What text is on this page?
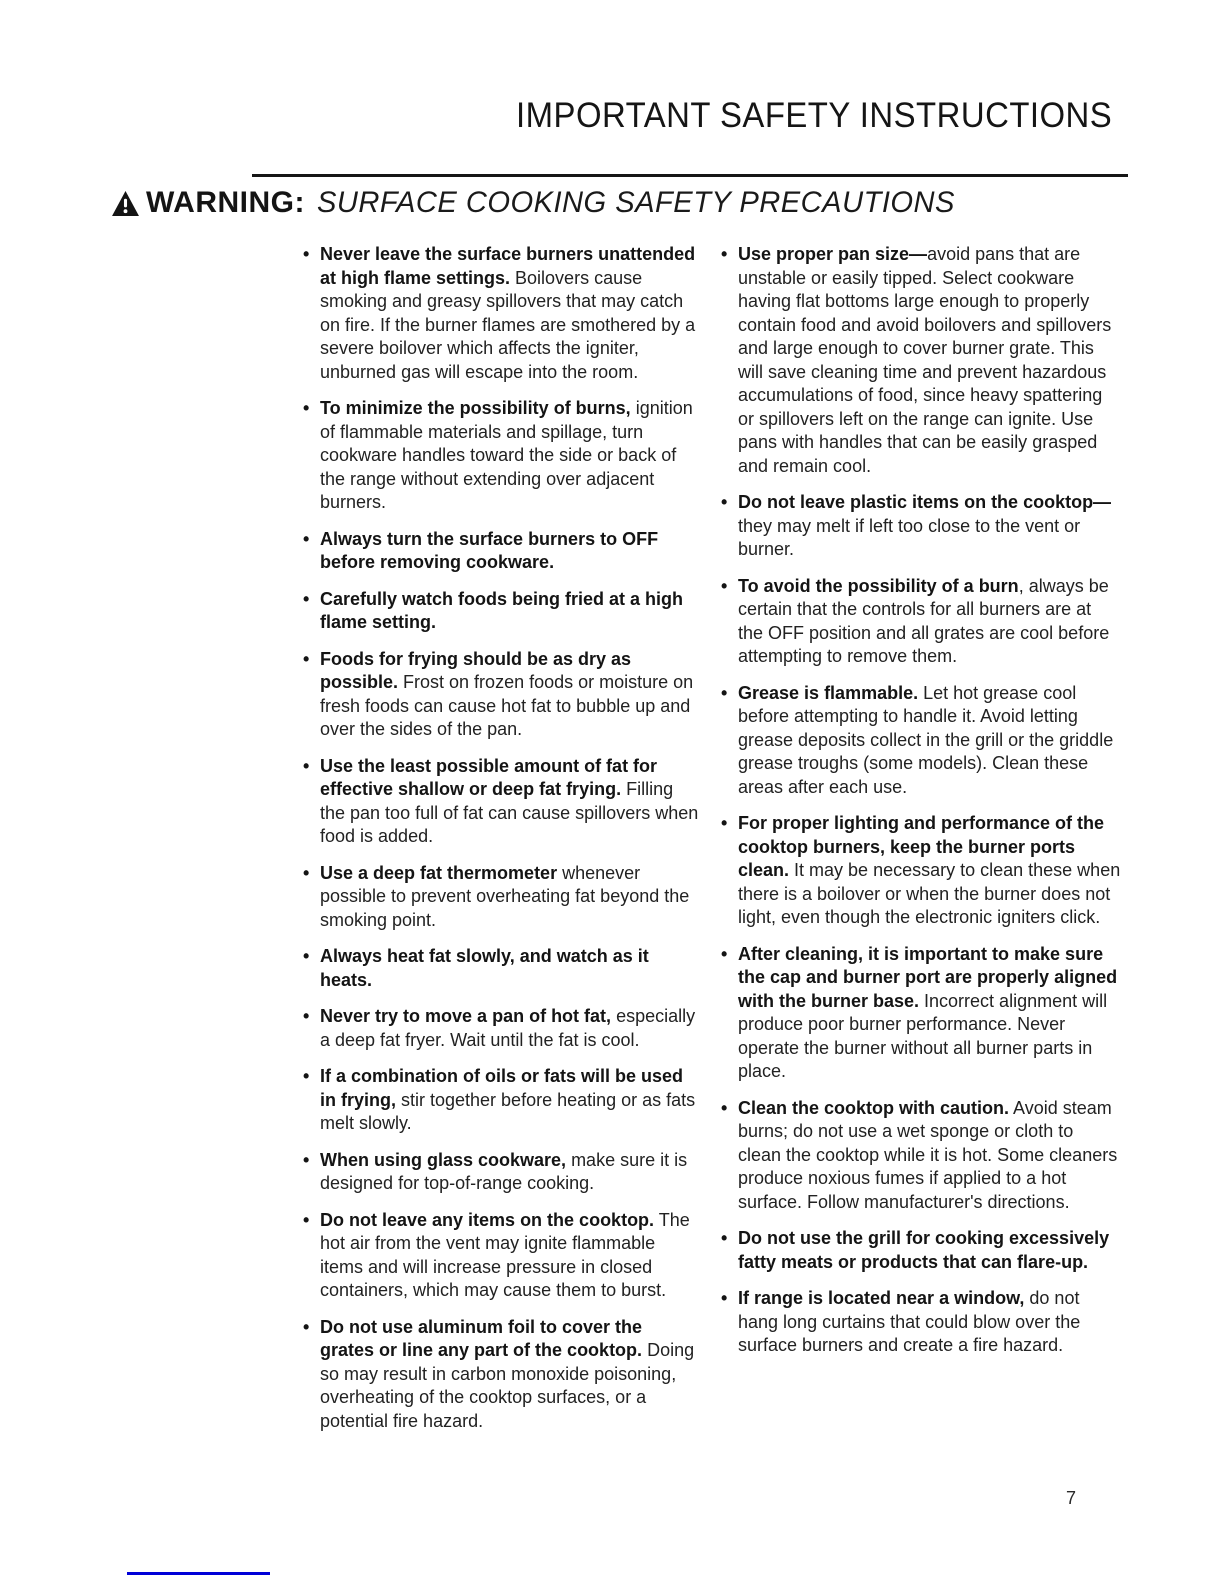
IMPORTANT SAFETY INSTRUCTIONS
WARNING: SURFACE COOKING SAFETY PRECAUTIONS
• Never leave the surface burners unattended at high flame settings. Boilovers cause smoking and greasy spillovers that may catch on fire. If the burner flames are smothered by a severe boilover which affects the igniter, unburned gas will escape into the room.
• To minimize the possibility of burns, ignition of flammable materials and spillage, turn cookware handles toward the side or back of the range without extending over adjacent burners.
• Always turn the surface burners to OFF before removing cookware.
• Carefully watch foods being fried at a high flame setting.
• Foods for frying should be as dry as possible. Frost on frozen foods or moisture on fresh foods can cause hot fat to bubble up and over the sides of the pan.
• Use the least possible amount of fat for effective shallow or deep fat frying. Filling the pan too full of fat can cause spillovers when food is added.
• Use a deep fat thermometer whenever possible to prevent overheating fat beyond the smoking point.
• Always heat fat slowly, and watch as it heats.
• Never try to move a pan of hot fat, especially a deep fat fryer. Wait until the fat is cool.
• If a combination of oils or fats will be used in frying, stir together before heating or as fats melt slowly.
• When using glass cookware, make sure it is designed for top-of-range cooking.
• Do not leave any items on the cooktop. The hot air from the vent may ignite flammable items and will increase pressure in closed containers, which may cause them to burst.
• Do not use aluminum foil to cover the grates or line any part of the cooktop. Doing so may result in carbon monoxide poisoning, overheating of the cooktop surfaces, or a potential fire hazard.
• Use proper pan size—avoid pans that are unstable or easily tipped. Select cookware having flat bottoms large enough to properly contain food and avoid boilovers and spillovers and large enough to cover burner grate. This will save cleaning time and prevent hazardous accumulations of food, since heavy spattering or spillovers left on the range can ignite. Use pans with handles that can be easily grasped and remain cool.
• Do not leave plastic items on the cooktop—they may melt if left too close to the vent or burner.
• To avoid the possibility of a burn, always be certain that the controls for all burners are at the OFF position and all grates are cool before attempting to remove them.
• Grease is flammable. Let hot grease cool before attempting to handle it. Avoid letting grease deposits collect in the grill or the griddle grease troughs (some models). Clean these areas after each use.
• For proper lighting and performance of the cooktop burners, keep the burner ports clean. It may be necessary to clean these when there is a boilover or when the burner does not light, even though the electronic igniters click.
• After cleaning, it is important to make sure the cap and burner port are properly aligned with the burner base. Incorrect alignment will produce poor burner performance. Never operate the burner without all burner parts in place.
• Clean the cooktop with caution. Avoid steam burns; do not use a wet sponge or cloth to clean the cooktop while it is hot. Some cleaners produce noxious fumes if applied to a hot surface. Follow manufacturer's directions.
• Do not use the grill for cooking excessively fatty meats or products that can flare-up.
• If range is located near a window, do not hang long curtains that could blow over the surface burners and create a fire hazard.
7
